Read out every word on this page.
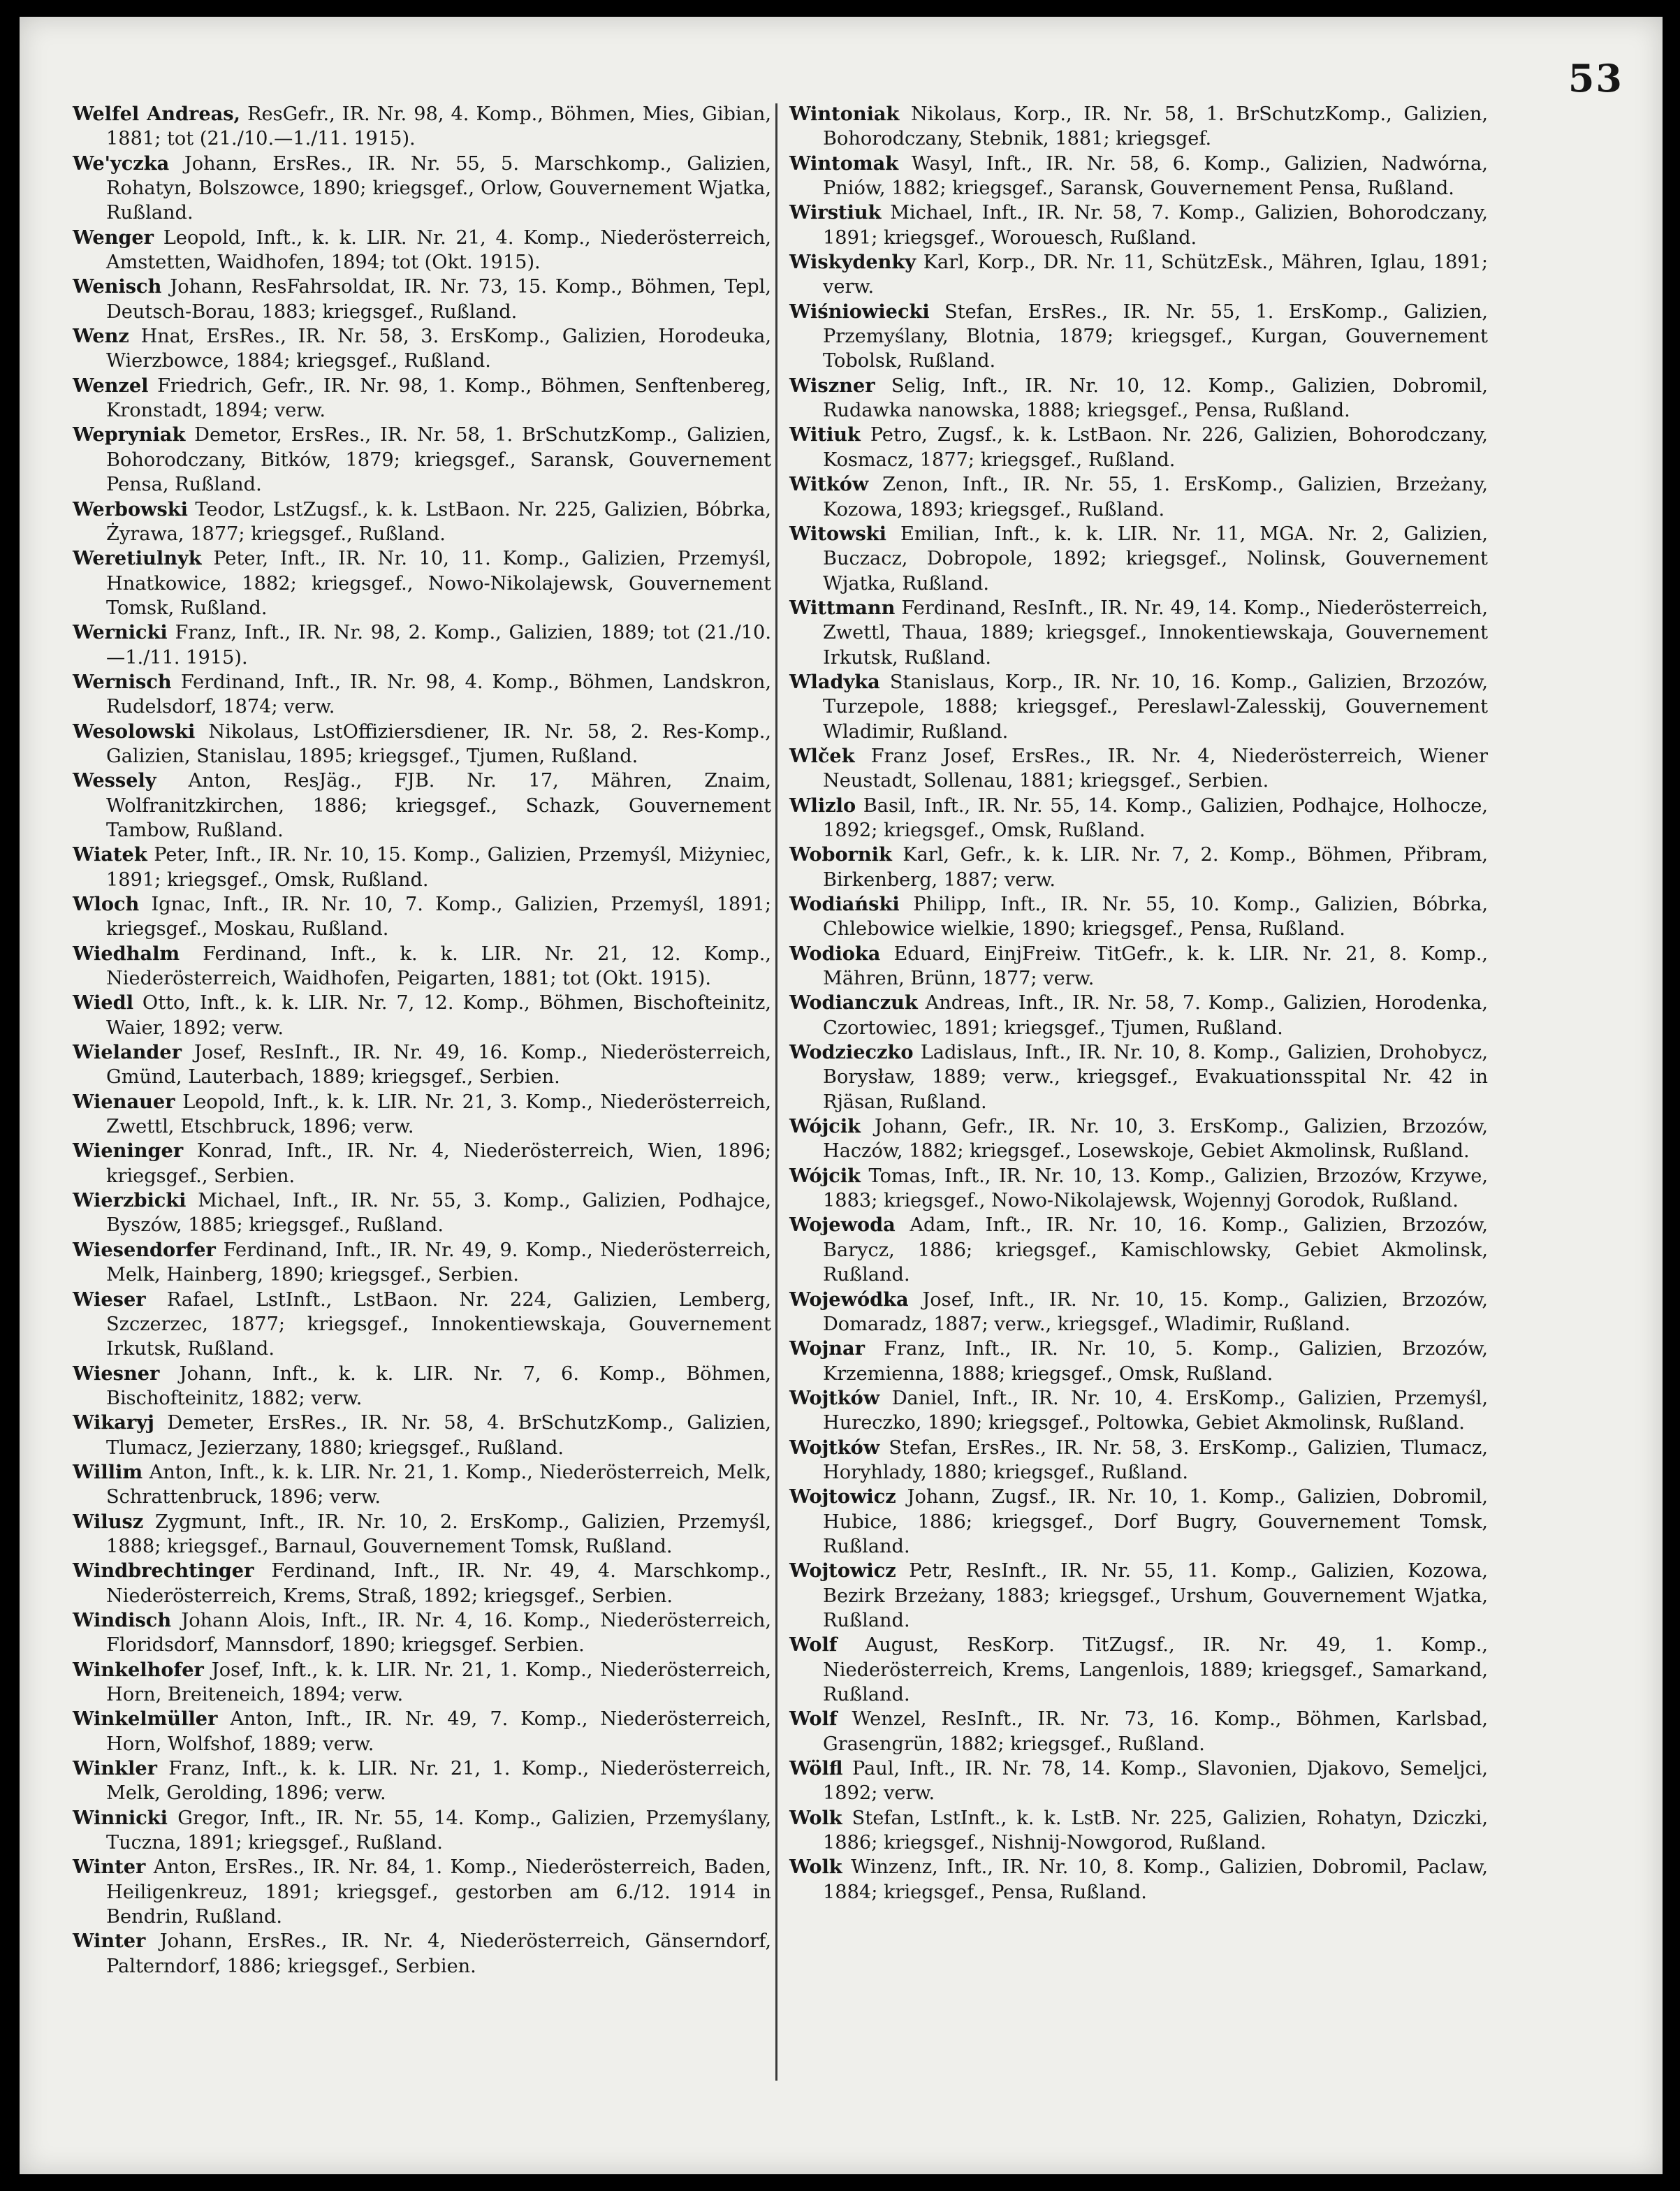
53

Welfel Andreas, ResGefr., IR. Nr. 98, 4. Komp., Böhmen, Mies, Gibian, 1881; tot (21./10.—1./11. 1915).

We'yczka Johann, ErsRes., IR. Nr. 55, 5. Marschkomp., Galizien, Rohatyn, Bolszowce, 1890; kriegsgef., Orlow, Gouvernement Wjatka, Rußland.

Wenger Leopold, Inft., k. k. LIR. Nr. 21, 4. Komp., Niederösterreich, Amstetten, Waidhofen, 1894; tot (Okt. 1915).

Wenisch Johann, ResFahrsoldat, IR. Nr. 73, 15. Komp., Böhmen, Tepl, Deutsch-Borau, 1883; kriegsgef., Rußland.

Wenz Hnat, ErsRes., IR. Nr. 58, 3. ErsKomp., Galizien, Horodeuka, Wierzbowce, 1884; kriegsgef., Rußland.

Wenzel Friedrich, Gefr., IR. Nr. 98, 1. Komp., Böhmen, Senftenbereg, Kronstadt, 1894; verw.

Wepryniak Demetor, ErsRes., IR. Nr. 58, 1. BrSchutzKomp., Galizien, Bohorodczany, Bitków, 1879; kriegsgef., Saransk, Gouvernement Pensa, Rußland.

Werbowski Teodor, LstZugsf., k. k. LstBaon. Nr. 225, Galizien, Bóbrka, Żyrawa, 1877; kriegsgef., Rußland.

Weretiulnyk Peter, Inft., IR. Nr. 10, 11. Komp., Galizien, Przemyśl, Hnatkowice, 1882; kriegsgef., Nowo-Nikolajewsk, Gouvernement Tomsk, Rußland.

Wernicki Franz, Inft., IR. Nr. 98, 2. Komp., Galizien, 1889; tot (21./10.—1./11. 1915).

Wernisch Ferdinand, Inft., IR. Nr. 98, 4. Komp., Böhmen, Landskron, Rudelsdorf, 1874; verw.

Wesolowski Nikolaus, LstOffiziersdiener, IR. Nr. 58, 2. Res-Komp., Galizien, Stanislau, 1895; kriegsgef., Tjumen, Rußland.

Wessely Anton, ResJäg., FJB. Nr. 17, Mähren, Znaim, Wolfranitzkirchen, 1886; kriegsgef., Schazk, Gouvernement Tambow, Rußland.

Wiatek Peter, Inft., IR. Nr. 10, 15. Komp., Galizien, Przemyśl, Miżyniec, 1891; kriegsgef., Omsk, Rußland.

Wloch Ignac, Inft., IR. Nr. 10, 7. Komp., Galizien, Przemyśl, 1891; kriegsgef., Moskau, Rußland.

Wiedhalm Ferdinand, Inft., k. k. LIR. Nr. 21, 12. Komp., Niederösterreich, Waidhofen, Peigarten, 1881; tot (Okt. 1915).

Wiedl Otto, Inft., k. k. LIR. Nr. 7, 12. Komp., Böhmen, Bischofteinitz, Waier, 1892; verw.

Wielander Josef, ResInft., IR. Nr. 49, 16. Komp., Niederösterreich, Gmünd, Lauterbach, 1889; kriegsgef., Serbien.

Wienauer Leopold, Inft., k. k. LIR. Nr. 21, 3. Komp., Niederösterreich, Zwettl, Etschbruck, 1896; verw.

Wieninger Konrad, Inft., IR. Nr. 4, Niederösterreich, Wien, 1896; kriegsgef., Serbien.

Wierzbicki Michael, Inft., IR. Nr. 55, 3. Komp., Galizien, Podhajce, Byszów, 1885; kriegsgef., Rußland.

Wiesendorfer Ferdinand, Inft., IR. Nr. 49, 9. Komp., Niederösterreich, Melk, Hainberg, 1890; kriegsgef., Serbien.

Wieser Rafael, LstInft., LstBaon. Nr. 224, Galizien, Lemberg, Szczerzec, 1877; kriegsgef., Innokentiewskaja, Gouvernement Irkutsk, Rußland.

Wiesner Johann, Inft., k. k. LIR. Nr. 7, 6. Komp., Böhmen, Bischofteinitz, 1882; verw.

Wikaryj Demeter, ErsRes., IR. Nr. 58, 4. BrSchutzKomp., Galizien, Tlumacz, Jezierzany, 1880; kriegsgef., Rußland.

Willim Anton, Inft., k. k. LIR. Nr. 21, 1. Komp., Niederösterreich, Melk, Schrattenbruck, 1896; verw.

Wilusz Zygmunt, Inft., IR. Nr. 10, 2. ErsKomp., Galizien, Przemyśl, 1888; kriegsgef., Barnaul, Gouvernement Tomsk, Rußland.

Windbrechtinger Ferdinand, Inft., IR. Nr. 49, 4. Marschkomp., Niederösterreich, Krems, Straß, 1892; kriegsgef., Serbien.

Windisch Johann Alois, Inft., IR. Nr. 4, 16. Komp., Niederösterreich, Floridsdorf, Mannsdorf, 1890; kriegsgef. Serbien.

Winkelhofer Josef, Inft., k. k. LIR. Nr. 21, 1. Komp., Niederösterreich, Horn, Breiteneich, 1894; verw.

Winkelmüller Anton, Inft., IR. Nr. 49, 7. Komp., Niederösterreich, Horn, Wolfshof, 1889; verw.

Winkler Franz, Inft., k. k. LIR. Nr. 21, 1. Komp., Niederösterreich, Melk, Gerolding, 1896; verw.

Winnicki Gregor, Inft., IR. Nr. 55, 14. Komp., Galizien, Przemyślany, Tucznа, 1891; kriegsgef., Rußland.

Winter Anton, ErsRes., IR. Nr. 84, 1. Komp., Niederösterreich, Baden, Heiligenkreuz, 1891; kriegsgef., gestorben am 6./12. 1914 in Bendrin, Rußland.

Winter Johann, ErsRes., IR. Nr. 4, Niederösterreich, Gänserndorf, Palterndorf, 1886; kriegsgef., Serbien.

Wintoniak Nikolaus, Korp., IR. Nr. 58, 1. BrSchutzKomp., Galizien, Bohorodczany, Stebnik, 1881; kriegsgef.

Wintomak Wasyl, Inft., IR. Nr. 58, 6. Komp., Galizien, Nadwórna, Pniów, 1882; kriegsgef., Saransk, Gouvernement Pensa, Rußland.

Wirstiuk Michael, Inft., IR. Nr. 58, 7. Komp., Galizien, Bohorodczany, 1891; kriegsgef., Worouesch, Rußland.

Wiskydenky Karl, Korp., DR. Nr. 11, SchützEsk., Mähren, Iglau, 1891; verw.

Wiśniowiecki Stefan, ErsRes., IR. Nr. 55, 1. ErsKomp., Galizien, Przemyślany, Blotnia, 1879; kriegsgef., Kurgan, Gouvernement Tobolsk, Rußland.

Wiszner Selig, Inft., IR. Nr. 10, 12. Komp., Galizien, Dobromil, Rudawka nanowska, 1888; kriegsgef., Pensa, Rußland.

Witiuk Petro, Zugsf., k. k. LstBaon. Nr. 226, Galizien, Bohorodczany, Kosmacz, 1877; kriegsgef., Rußland.

Witków Zenon, Inft., IR. Nr. 55, 1. ErsKomp., Galizien, Brzeżany, Kozowa, 1893; kriegsgef., Rußland.

Witowski Emilian, Inft., k. k. LIR. Nr. 11, MGA. Nr. 2, Galizien, Buczacz, Dobropole, 1892; kriegsgef., Nolinsk, Gouvernement Wjatka, Rußland.

Wittmann Ferdinand, ResInft., IR. Nr. 49, 14. Komp., Niederösterreich, Zwettl, Thaua, 1889; kriegsgef., Innokentiewskaja, Gouvernement Irkutsk, Rußland.

Wladyka Stanislaus, Korp., IR. Nr. 10, 16. Komp., Galizien, Brzozów, Turzepole, 1888; kriegsgef., Pereslawl-Zalesskij, Gouvernement Wladimir, Rußland.

Wlček Franz Josef, ErsRes., IR. Nr. 4, Niederösterreich, Wiener Neustadt, Sollenau, 1881; kriegsgef., Serbien.

Wlizlo Basil, Inft., IR. Nr. 55, 14. Komp., Galizien, Podhajce, Holhocze, 1892; kriegsgef., Omsk, Rußland.

Wobornik Karl, Gefr., k. k. LIR. Nr. 7, 2. Komp., Böhmen, Přibram, Birkenberg, 1887; verw.

Wodiański Philipp, Inft., IR. Nr. 55, 10. Komp., Galizien, Bóbrka, Chlebowice wielkie, 1890; kriegsgef., Pensa, Rußland.

Wodioka Eduard, EinjFreiw. TitGefr., k. k. LIR. Nr. 21, 8. Komp., Mähren, Brünn, 1877; verw.

Wodianczuk Andreas, Inft., IR. Nr. 58, 7. Komp., Galizien, Horodenka, Czortowiec, 1891; kriegsgef., Tjumen, Rußland.

Wodzieczko Ladislaus, Inft., IR. Nr. 10, 8. Komp., Galizien, Drohobycz, Borysław, 1889; verw., kriegsgef., Evakuationsspital Nr. 42 in Rjäsan, Rußland.

Wójcik Johann, Gefr., IR. Nr. 10, 3. ErsKomp., Galizien, Brzozów, Haczów, 1882; kriegsgef., Losewskoje, Gebiet Akmolinsk, Rußland.

Wójcik Tomas, Inft., IR. Nr. 10, 13. Komp., Galizien, Brzozów, Krzywe, 1883; kriegsgef., Nowo-Nikolajewsk, Wojennyj Gorodok, Rußland.

Wojewoda Adam, Inft., IR. Nr. 10, 16. Komp., Galizien, Brzozów, Barycz, 1886; kriegsgef., Kamischlowsky, Gebiet Akmolinsk, Rußland.

Wojewódka Josef, Inft., IR. Nr. 10, 15. Komp., Galizien, Brzozów, Domaradz, 1887; verw., kriegsgef., Wladimir, Rußland.

Wojnar Franz, Inft., IR. Nr. 10, 5. Komp., Galizien, Brzozów, Krzemienna, 1888; kriegsgef., Omsk, Rußland.

Wojtków Daniel, Inft., IR. Nr. 10, 4. ErsKomp., Galizien, Przemyśl, Hureczko, 1890; kriegsgef., Poltowka, Gebiet Akmolinsk, Rußland.

Wojtków Stefan, ErsRes., IR. Nr. 58, 3. ErsKomp., Galizien, Tlumacz, Horyhlady, 1880; kriegsgef., Rußland.

Wojtowicz Johann, Zugsf., IR. Nr. 10, 1. Komp., Galizien, Dobromil, Hubice, 1886; kriegsgef., Dorf Bugry, Gouvernement Tomsk, Rußland.

Wojtowicz Petr, ResInft., IR. Nr. 55, 11. Komp., Galizien, Kozowa, Bezirk Brzeżany, 1883; kriegsgef., Urshum, Gouvernement Wjatka, Rußland.

Wolf August, ResKorp. TitZugsf., IR. Nr. 49, 1. Komp., Niederösterreich, Krems, Langenlois, 1889; kriegsgef., Samarkand, Rußland.

Wolf Wenzel, ResInft., IR. Nr. 73, 16. Komp., Böhmen, Karlsbad, Grasengrün, 1882; kriegsgef., Rußland.

Wölfl Paul, Inft., IR. Nr. 78, 14. Komp., Slavonien, Djakovo, Semeljci, 1892; verw.

Wolk Stefan, LstInft., k. k. LstB. Nr. 225, Galizien, Rohatyn, Dziczki, 1886; kriegsgef., Nishnij-Nowgorod, Rußland.

Wolk Winzenz, Inft., IR. Nr. 10, 8. Komp., Galizien, Dobromil, Paclaw, 1884; kriegsgef., Pensa, Rußland.
